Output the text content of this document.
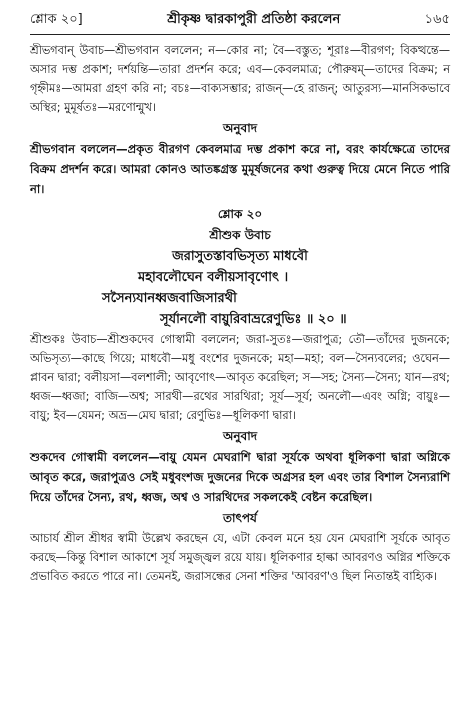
শ্লোক ২০]	শ্রীকৃষ্ণ দ্বারকাপুরী প্রতিষ্ঠা করলেন	১৬৫

শ্রীভগবান্ উবাচ—শ্রীভগবান বললেন; ন—কোর না; বৈ—বস্তুত; শূরাঃ—বীরগণ; বিকত্থন্তে—অসার দম্ভ প্রকাশ; দর্শয়ন্তি—তারা প্রদর্শন করে; এব—কেবলমাত্র; পৌরুষম্—তাদের বিক্রম; ন গৃহ্নীমঃ—আমরা গ্রহণ করি না; বচঃ—বাক্যসম্ভার; রাজন্—হে রাজন্; আতুরস্য—মানসিকভাবে অস্থির; মুমূর্ষতঃ—মরণোন্মুখ।

অনুবাদ

শ্রীভগবান বললেন—প্রকৃত বীরগণ কেবলমাত্র দম্ভ প্রকাশ করে না, বরং কার্যক্ষেত্রে তাদের বিক্রম প্রদর্শন করে। আমরা কোনও আতঙ্কগ্রস্ত মুমূর্ষজনের কথা গুরুত্ব দিয়ে মেনে নিতে পারি না।

শ্লোক ২০
শ্রীশুক উবাচ
জরাসুতস্তাবভিসৃত্য মাধবৌ
মহাবলৌঘেন বলীয়সাবৃণোৎ ।
সসৈন্যযানধ্বজবাজিসারথী
সূর্যানলৌ বায়ুরিবাভ্ররেণুভিঃ ॥ ২০ ॥

শ্রীশুকঃ উবাচ—শ্রীশুকদেব গোস্বামী বললেন; জরা-সুতঃ—জরাপুত্র; তৌ—তাঁদের দুজনকে; অভিসৃত্য—কাছে গিয়ে; মাধবৌ—মধু বংশের দুজনকে; মহা—মহা; বল—সৈন্যবলের; ওঘেন—প্লাবন দ্বারা; বলীয়সা—বলশালী; আবৃণোৎ—আবৃত করেছিল; স—সহ; সৈন্য—সৈন্য; যান—রথ; ধ্বজ—ধ্বজা; বাজি—অশ্ব; সারথী—রথের সারথিরা; সূর্য—সূর্য; অনলৌ—এবং অগ্নি; বায়ুঃ—বায়ু; ইব—যেমন; অভ্র—মেঘ দ্বারা; রেণুভিঃ—ধূলিকণা দ্বারা।

অনুবাদ

শুকদেব গোস্বামী বললেন—বায়ু যেমন মেঘরাশি দ্বারা সূর্যকে অথবা ধূলিকণা দ্বারা অগ্নিকে আবৃত করে, জরাপুত্রও সেই মধুবংশজ দুজনের দিকে অগ্রসর হল এবং তার বিশাল সৈন্যরাশি দিয়ে তাঁদের সৈন্য, রথ, ধ্বজ, অশ্ব ও সারথিদের সকলকেই বেষ্টন করেছিল।

তাৎপর্য

আচার্য শ্রীল শ্রীধর স্বামী উল্লেখ করছেন যে, এটা কেবল মনে হয় যেন মেঘরাশি সূর্যকে আবৃত করছে—কিন্তু বিশাল আকাশে সূর্য সমুজ্জ্বল রয়ে যায়। ধূলিকণার হাল্কা আবরণও অগ্নির শক্তিকে প্রভাবিত করতে পারে না। তেমনই, জরাসন্ধের সেনা শক্তির 'আবরণ'ও ছিল নিতান্তই বাহ্যিক।
